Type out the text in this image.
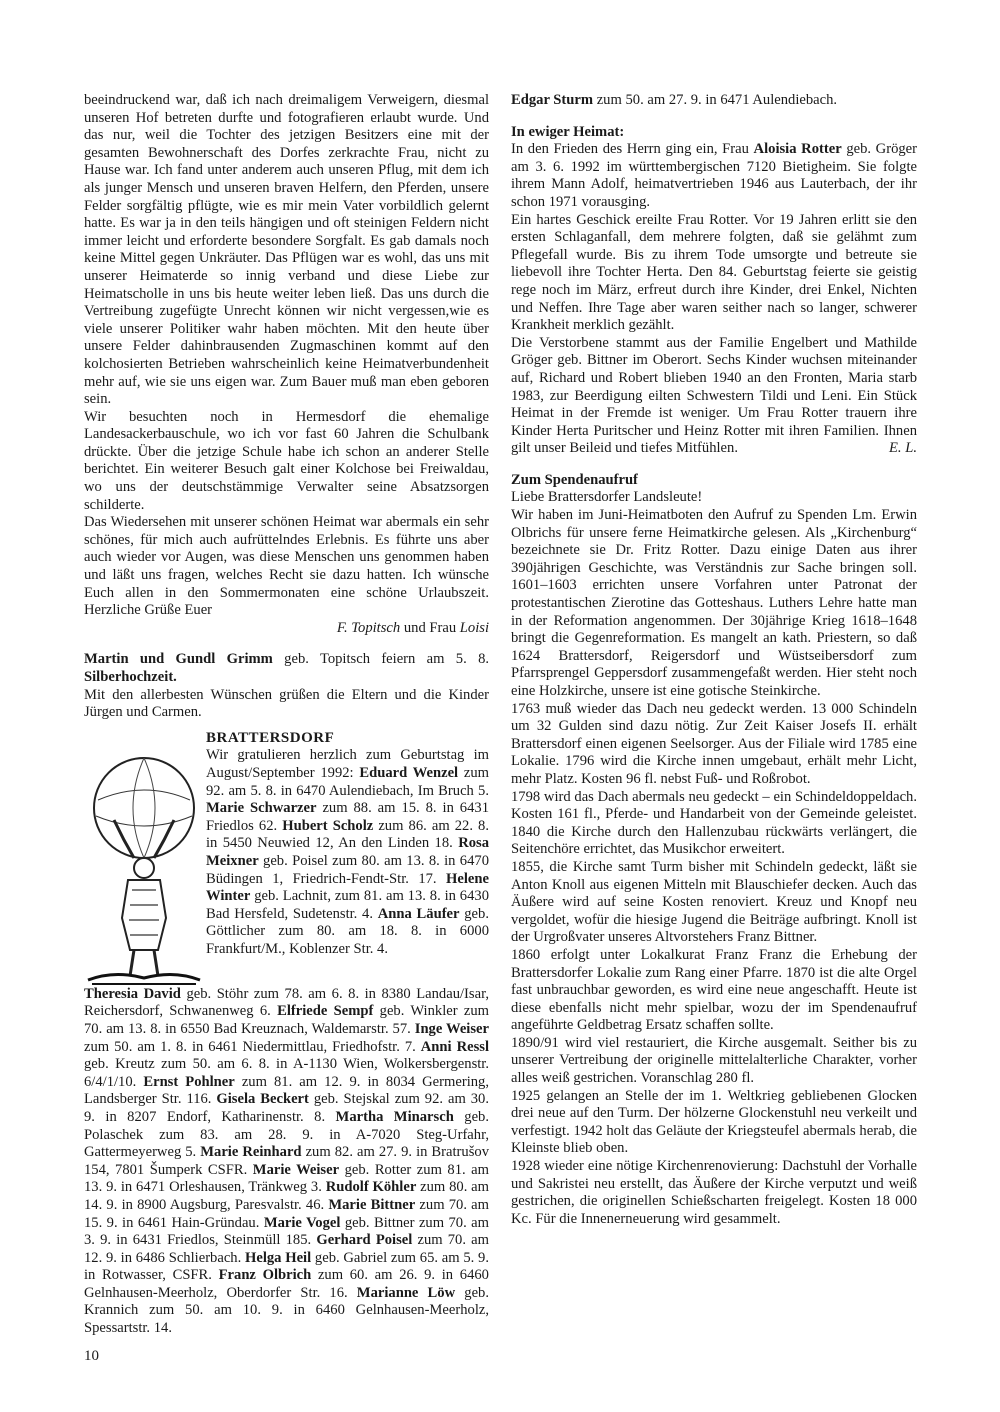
beeindruckend war, daß ich nach dreimaligem Verweigern, diesmal unseren Hof betreten durfte und fotografieren erlaubt wurde. Und das nur, weil die Tochter des jetzigen Besitzers eine mit der gesamten Bewohnerschaft des Dorfes zerkrachte Frau, nicht zu Hause war. Ich fand unter anderem auch unseren Pflug, mit dem ich als junger Mensch und unseren braven Helfern, den Pferden, unsere Felder sorgfältig pflügte, wie es mir mein Vater vorbildlich gelernt hatte. Es war ja in den teils hängigen und oft steinigen Feldern nicht immer leicht und erforderte besondere Sorgfalt. Es gab damals noch keine Mittel gegen Unkräuter. Das Pflügen war es wohl, das uns mit unserer Heimaterde so innig verband und diese Liebe zur Heimatscholle in uns bis heute weiter leben ließ. Das uns durch die Vertreibung zugefügte Unrecht können wir nicht vergessen,wie es viele unserer Politiker wahr haben möchten. Mit den heute über unsere Felder dahinbrausenden Zugmaschinen kommt auf den kolchosierten Betrieben wahrscheinlich keine Heimatverbundenheit mehr auf, wie sie uns eigen war. Zum Bauer muß man eben geboren sein.

Wir besuchten noch in Hermesdorf die ehemalige Landesackerbauschule, wo ich vor fast 60 Jahren die Schulbank drückte. Über die jetzige Schule habe ich schon an anderer Stelle berichtet. Ein weiterer Besuch galt einer Kolchose bei Freiwaldau, wo uns der deutschstämmige Verwalter seine Absatzsorgen schilderte.

Das Wiedersehen mit unserer schönen Heimat war abermals ein sehr schönes, für mich auch aufrüttelndes Erlebnis. Es führte uns aber auch wieder vor Augen, was diese Menschen uns genommen haben und läßt uns fragen, welches Recht sie dazu hatten. Ich wünsche Euch allen in den Sommermonaten eine schöne Urlaubszeit. Herzliche Grüße Euer

F. Topitsch und Frau Loisi

Martin und Gundl Grimm geb. Topitsch feiern am 5. 8. Silberhochzeit.

Mit den allerbesten Wünschen grüßen die Eltern und die Kinder Jürgen und Carmen.

BRATTERSDORF
Wir gratulieren herzlich zum Geburtstag im August/September 1992: Eduard Wenzel zum 92. am 5. 8. in 6470 Aulendiebach, Im Bruch 5. Marie Schwarzer zum 88. am 15. 8. in 6431 Friedlos 62. Hubert Scholz zum 86. am 22. 8. in 5450 Neuwied 12, An den Linden 18. Rosa Meixner geb. Poisel zum 80. am 13. 8. in 6470 Büdingen 1, Friedrich-Fendt-Str. 17. Helene Winter geb. Lachnit, zum 81. am 13. 8. in 6430 Bad Hersfeld, Sudetenstr. 4. Anna Läufer geb. Göttlicher zum 80. am 18. 8. in 6000 Frankfurt/M., Koblenzer Str. 4.

Theresia David geb. Stöhr zum 78. am 6. 8. in 8380 Landau/Isar, Reichersdorf, Schwanenweg 6. Elfriede Sempf geb. Winkler zum 70. am 13. 8. in 6550 Bad Kreuznach, Waldemarstr. 57. Inge Weiser zum 50. am 1. 8. in 6461 Niedermittlau, Friedhofstr. 7. Anni Ressl geb. Kreutz zum 50. am 6. 8. in A-1130 Wien, Wolkersbergenstr. 6/4/1/10. Ernst Pohlner zum 81. am 12. 9. in 8034 Germering, Landsberger Str. 116. Gisela Beckert geb. Stejskal zum 92. am 30. 9. in 8207 Endorf, Katharinenstr. 8. Martha Minarsch geb. Polaschek zum 83. am 28. 9. in A-7020 Steg-Urfahr, Gattermeyerweg 5. Marie Reinhard zum 82. am 27. 9. in Bratrušov 154, 7801 Šumperk CSFR. Marie Weiser geb. Rotter zum 81. am 13. 9. in 6471 Orleshausen, Tränkweg 3. Rudolf Köhler zum 80. am 14. 9. in 8900 Augsburg, Paresvalstr. 46. Marie Bittner zum 70. am 15. 9. in 6461 Hain-Gründau. Marie Vogel geb. Bittner zum 70. am 3. 9. in 6431 Friedlos, Steinmüll 185. Gerhard Poisel zum 70. am 12. 9. in 6486 Schlierbach. Helga Heil geb. Gabriel zum 65. am 5. 9. in Rotwasser, CSFR. Franz Olbrich zum 60. am 26. 9. in 6460 Gelnhausen-Meerholz, Oberdorfer Str. 16. Marianne Löw geb. Krannich zum 50. am 10. 9. in 6460 Gelnhausen-Meerholz, Spessartstr. 14.

Edgar Sturm zum 50. am 27. 9. in 6471 Aulendiebach.

In ewiger Heimat:

In den Frieden des Herrn ging ein, Frau Aloisia Rotter geb. Gröger am 3. 6. 1992 im württembergischen 7120 Bietigheim. Sie folgte ihrem Mann Adolf, heimatvertrieben 1946 aus Lauterbach, der ihr schon 1971 vorausging.

Ein hartes Geschick ereilte Frau Rotter. Vor 19 Jahren erlitt sie den ersten Schlaganfall, dem mehrere folgten, daß sie gelähmt zum Pflegefall wurde. Bis zu ihrem Tode umsorgte und betreute sie liebevoll ihre Tochter Herta. Den 84. Geburtstag feierte sie geistig rege noch im März, erfreut durch ihre Kinder, drei Enkel, Nichten und Neffen. Ihre Tage aber waren seither nach so langer, schwerer Krankheit merklich gezählt.

Die Verstorbene stammt aus der Familie Engelbert und Mathilde Gröger geb. Bittner im Oberort. Sechs Kinder wuchsen miteinander auf, Richard und Robert blieben 1940 an den Fronten, Maria starb 1983, zur Beerdigung eilten Schwestern Tildi und Leni. Ein Stück Heimat in der Fremde ist weniger. Um Frau Rotter trauern ihre Kinder Herta Puritscher und Heinz Rotter mit ihren Familien. Ihnen gilt unser Beileid und tiefes Mitfühlen.	E. L.

Zum Spendenaufruf

Liebe Brattersdorfer Landsleute!

Wir haben im Juni-Heimatboten den Aufruf zu Spenden Lm. Erwin Olbrichs für unsere ferne Heimatkirche gelesen. Als „Kirchenburg“ bezeichnete sie Dr. Fritz Rotter. Dazu einige Daten aus ihrer 390jährigen Geschichte, was Verständnis zur Sache bringen soll. 1601–1603 errichten unsere Vorfahren unter Patronat der protestantischen Zierotine das Gotteshaus. Luthers Lehre hatte man in der Reformation angenommen. Der 30jährige Krieg 1618–1648 bringt die Gegenreformation. Es mangelt an kath. Priestern, so daß 1624 Brattersdorf, Reigersdorf und Wüstseibersdorf zum Pfarrsprengel Geppersdorf zusammengefaßt werden. Hier steht noch eine Holzkirche, unsere ist eine gotische Steinkirche.

1763 muß wieder das Dach neu gedeckt werden. 13 000 Schindeln um 32 Gulden sind dazu nötig. Zur Zeit Kaiser Josefs II. erhält Brattersdorf einen eigenen Seelsorger. Aus der Filiale wird 1785 eine Lokalie. 1796 wird die Kirche innen umgebaut, erhält mehr Licht, mehr Platz. Kosten 96 fl. nebst Fuß- und Roßrobot.

1798 wird das Dach abermals neu gedeckt – ein Schindeldoppeldach. Kosten 161 fl., Pferde- und Handarbeit von der Gemeinde geleistet. 1840 die Kirche durch den Hallenzubau rückwärts verlängert, die Seitenchöre errichtet, das Musikchor erweitert.

1855, die Kirche samt Turm bisher mit Schindeln gedeckt, läßt sie Anton Knoll aus eigenen Mitteln mit Blauschiefer decken. Auch das Äußere wird auf seine Kosten renoviert. Kreuz und Knopf neu vergoldet, wofür die hiesige Jugend die Beiträge aufbringt. Knoll ist der Urgroßvater unseres Altvorstehers Franz Bittner.

1860 erfolgt unter Lokalkurat Franz Franz die Erhebung der Brattersdorfer Lokalie zum Rang einer Pfarre. 1870 ist die alte Orgel fast unbrauchbar geworden, es wird eine neue angeschafft. Heute ist diese ebenfalls nicht mehr spielbar, wozu der im Spendenaufruf angeführte Geldbetrag Ersatz schaffen sollte.

1890/91 wird viel restauriert, die Kirche ausgemalt. Seither bis zu unserer Vertreibung der originelle mittelalterliche Charakter, vorher alles weiß gestrichen. Voranschlag 280 fl.

1925 gelangen an Stelle der im 1. Weltkrieg gebliebenen Glocken drei neue auf den Turm. Der hölzerne Glockenstuhl neu verkeilt und verfestigt. 1942 holt das Geläute der Kriegsteufel abermals herab, die Kleinste blieb oben.

1928 wieder eine nötige Kirchenrenovierung: Dachstuhl der Vorhalle und Sakristei neu erstellt, das Äußere der Kirche verputzt und weiß gestrichen, die originellen Schießscharten freigelegt. Kosten 18 000 Kc. Für die Innenerneuerung wird gesammelt.

10
